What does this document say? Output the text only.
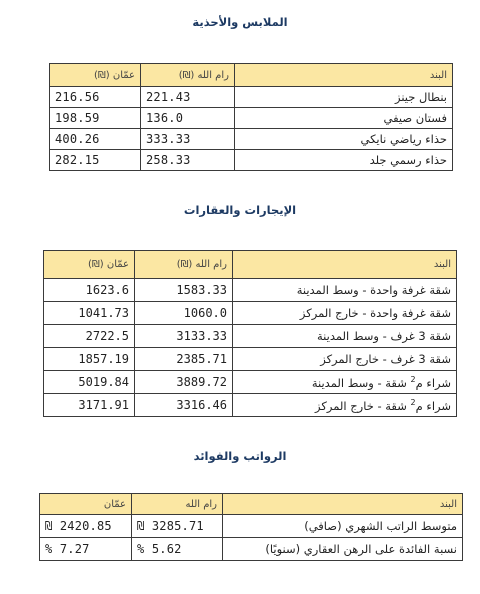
الملابس والأحذية
البند	رام الله (₪)	عمّان (₪)
بنطال جينز	221.43	216.56
فستان صيفي	136.0	198.59
حذاء رياضي نايكي	333.33	400.26
حذاء رسمي جلد	258.33	282.15
الإيجارات والعقارات
البند	رام الله (₪)	عمّان (₪)
شقة غرفة واحدة - وسط المدينة	1583.33	1623.6
شقة غرفة واحدة - خارج المركز	1060.0	1041.73
شقة 3 غرف - وسط المدينة	3133.33	2722.5
شقة 3 غرف - خارج المركز	2385.71	1857.19
شراء م$^2$ شقة - وسط المدينة	3889.72	5019.84
شراء م$^2$ شقة - خارج المركز	3316.46	3171.91
الرواتب والفوائد
البند	رام الله	عمّان
متوسط الراتب الشهري (صافي)	₪ 3285.71	₪ 2420.85
نسبة الفائدة على الرهن العقاري (سنويًا)	% 5.62	% 7.27
